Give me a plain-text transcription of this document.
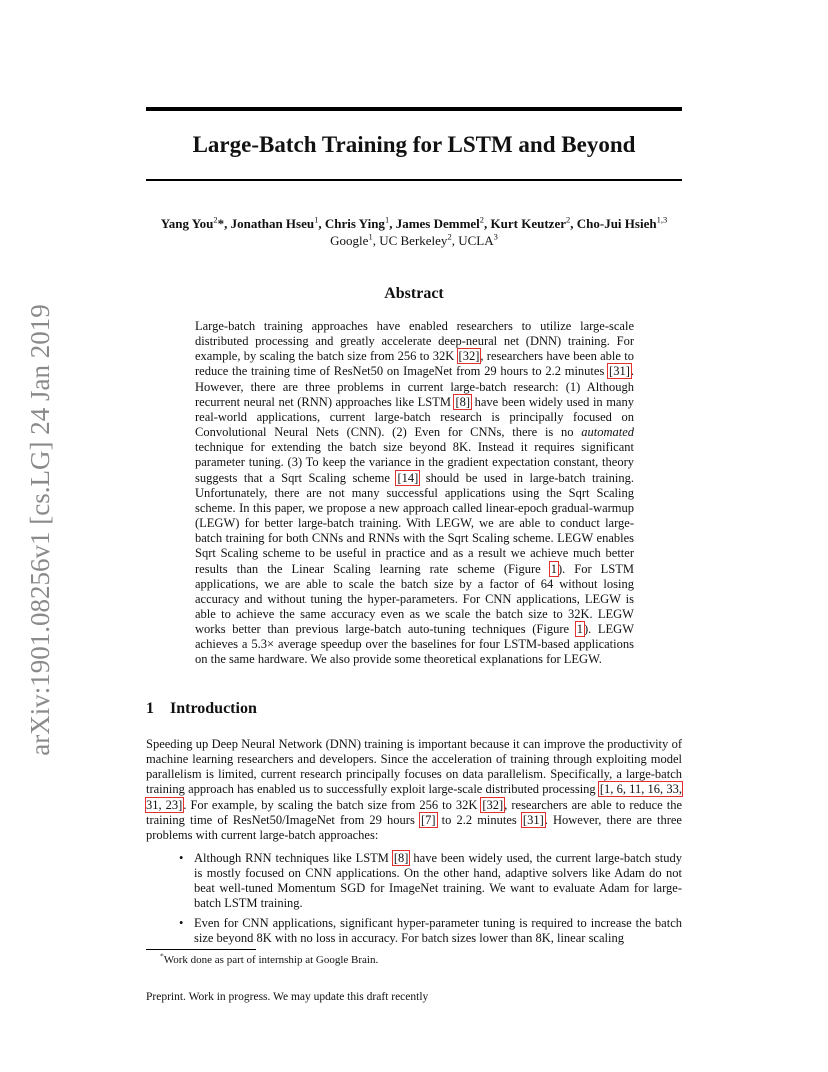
arXiv:1901.08256v1 [cs.LG] 24 Jan 2019
Large-Batch Training for LSTM and Beyond
Yang You$^2$*, Jonathan Hseu$^1$, Chris Ying$^1$, James Demmel$^2$, Kurt Keutzer$^2$, Cho-Jui Hsieh$^{1,3}$
Google$^1$, UC Berkeley$^2$, UCLA$^3$
Abstract
Large-batch training approaches have enabled researchers to utilize large-scale distributed processing and greatly accelerate deep-neural net (DNN) training. For example, by scaling the batch size from 256 to 32K [32], researchers have been able to reduce the training time of ResNet50 on ImageNet from 29 hours to 2.2 minutes [31]. However, there are three problems in current large-batch research: (1) Although recurrent neural net (RNN) approaches like LSTM [8] have been widely used in many real-world applications, current large-batch research is principally focused on Convolutional Neural Nets (CNN). (2) Even for CNNs, there is no automated technique for extending the batch size beyond 8K. Instead it requires significant parameter tuning. (3) To keep the variance in the gradient expectation constant, theory suggests that a Sqrt Scaling scheme [14] should be used in large-batch training. Unfortunately, there are not many successful applications using the Sqrt Scaling scheme. In this paper, we propose a new approach called linear-epoch gradual-warmup (LEGW) for better large-batch training. With LEGW, we are able to conduct large-batch training for both CNNs and RNNs with the Sqrt Scaling scheme. LEGW enables Sqrt Scaling scheme to be useful in practice and as a result we achieve much better results than the Linear Scaling learning rate scheme (Figure 1). For LSTM applications, we are able to scale the batch size by a factor of 64 without losing accuracy and without tuning the hyper-parameters. For CNN applications, LEGW is able to achieve the same accuracy even as we scale the batch size to 32K. LEGW works better than previous large-batch auto-tuning techniques (Figure 1). LEGW achieves a 5.3× average speedup over the baselines for four LSTM-based applications on the same hardware. We also provide some theoretical explanations for LEGW.
1 Introduction
Speeding up Deep Neural Network (DNN) training is important because it can improve the productivity of machine learning researchers and developers. Since the acceleration of training through exploiting model parallelism is limited, current research principally focuses on data parallelism. Specifically, a large-batch training approach has enabled us to successfully exploit large-scale distributed processing [1, 6, 11, 16, 33, 31, 23]. For example, by scaling the batch size from 256 to 32K [32], researchers are able to reduce the training time of ResNet50/ImageNet from 29 hours [7] to 2.2 minutes [31]. However, there are three problems with current large-batch approaches:
• Although RNN techniques like LSTM [8] have been widely used, the current large-batch study is mostly focused on CNN applications. On the other hand, adaptive solvers like Adam do not beat well-tuned Momentum SGD for ImageNet training. We want to evaluate Adam for large-batch LSTM training.
• Even for CNN applications, significant hyper-parameter tuning is required to increase the batch size beyond 8K with no loss in accuracy. For batch sizes lower than 8K, linear scaling
*Work done as part of internship at Google Brain.
Preprint. Work in progress. We may update this draft recently
